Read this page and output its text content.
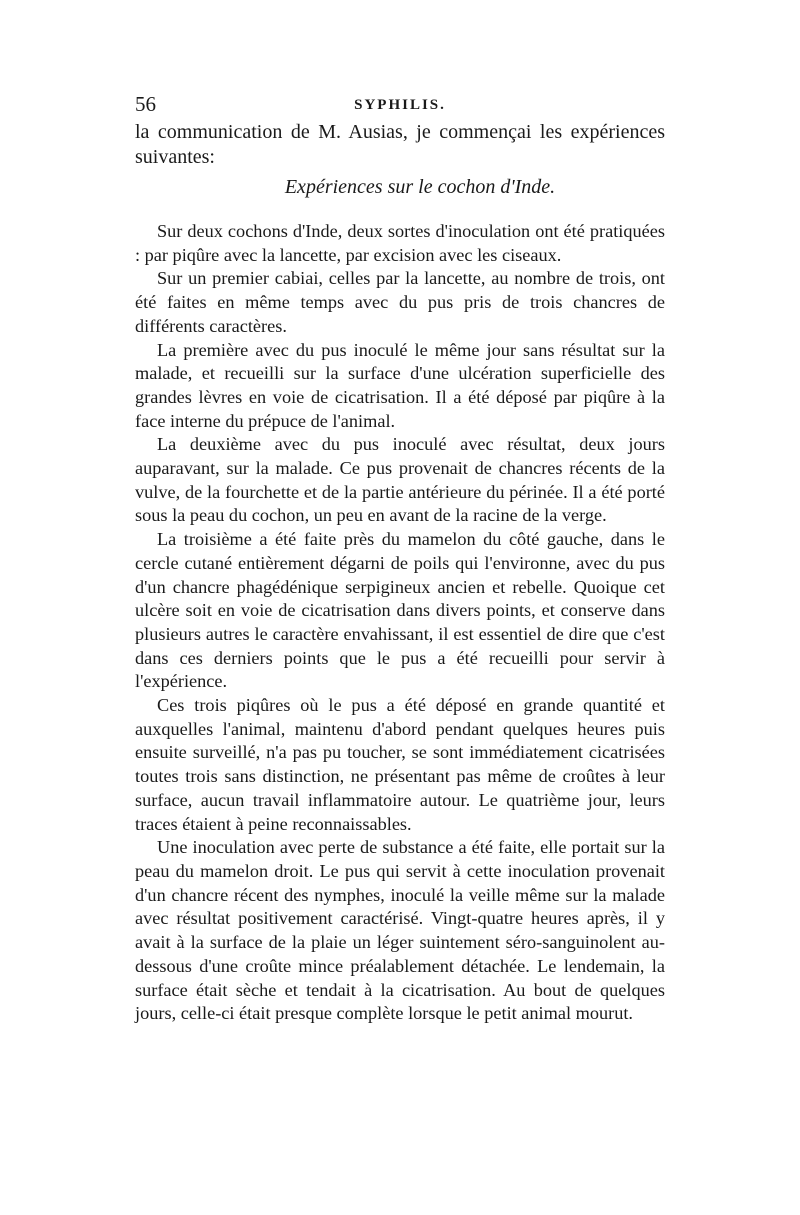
56	SYPHILIS.
la communication de M. Ausias, je commençai les expériences
suivantes:
Expériences sur le cochon d'Inde.

Sur deux cochons d'Inde, deux sortes d'inoculation ont été pratiquées : par piqûre avec la lancette, par excision avec les ciseaux.

Sur un premier cabiai, celles par la lancette, au nombre de trois, ont été faites en même temps avec du pus pris de trois chancres de différents caractères.

La première avec du pus inoculé le même jour sans résultat sur la malade, et recueilli sur la surface d'une ulcération superficielle des grandes lèvres en voie de cicatrisation. Il a été déposé par piqûre à la face interne du prépuce de l'animal.

La deuxième avec du pus inoculé avec résultat, deux jours auparavant, sur la malade. Ce pus provenait de chancres récents de la vulve, de la fourchette et de la partie antérieure du périnée. Il a été porté sous la peau du cochon, un peu en avant de la racine de la verge.

La troisième a été faite près du mamelon du côté gauche, dans le cercle cutané entièrement dégarni de poils qui l'environne, avec du pus d'un chancre phagédénique serpigineux ancien et rebelle. Quoique cet ulcère soit en voie de cicatrisation dans divers points, et conserve dans plusieurs autres le caractère envahissant, il est essentiel de dire que c'est dans ces derniers points que le pus a été recueilli pour servir à l'expérience.

Ces trois piqûres où le pus a été déposé en grande quantité et auxquelles l'animal, maintenu d'abord pendant quelques heures puis ensuite surveillé, n'a pas pu toucher, se sont immédiatement cicatrisées toutes trois sans distinction, ne présentant pas même de croûtes à leur surface, aucun travail inflammatoire autour. Le quatrième jour, leurs traces étaient à peine reconnaissables.

Une inoculation avec perte de substance a été faite, elle portait sur la peau du mamelon droit. Le pus qui servit à cette inoculation provenait d'un chancre récent des nymphes, inoculé la veille même sur la malade avec résultat positivement caractérisé. Vingt-quatre heures après, il y avait à la surface de la plaie un léger suintement séro-sanguinolent au-dessous d'une croûte mince préalablement détachée. Le lendemain, la surface était sèche et tendait à la cicatrisation. Au bout de quelques jours, celle-ci était presque complète lorsque le petit animal mourut.
